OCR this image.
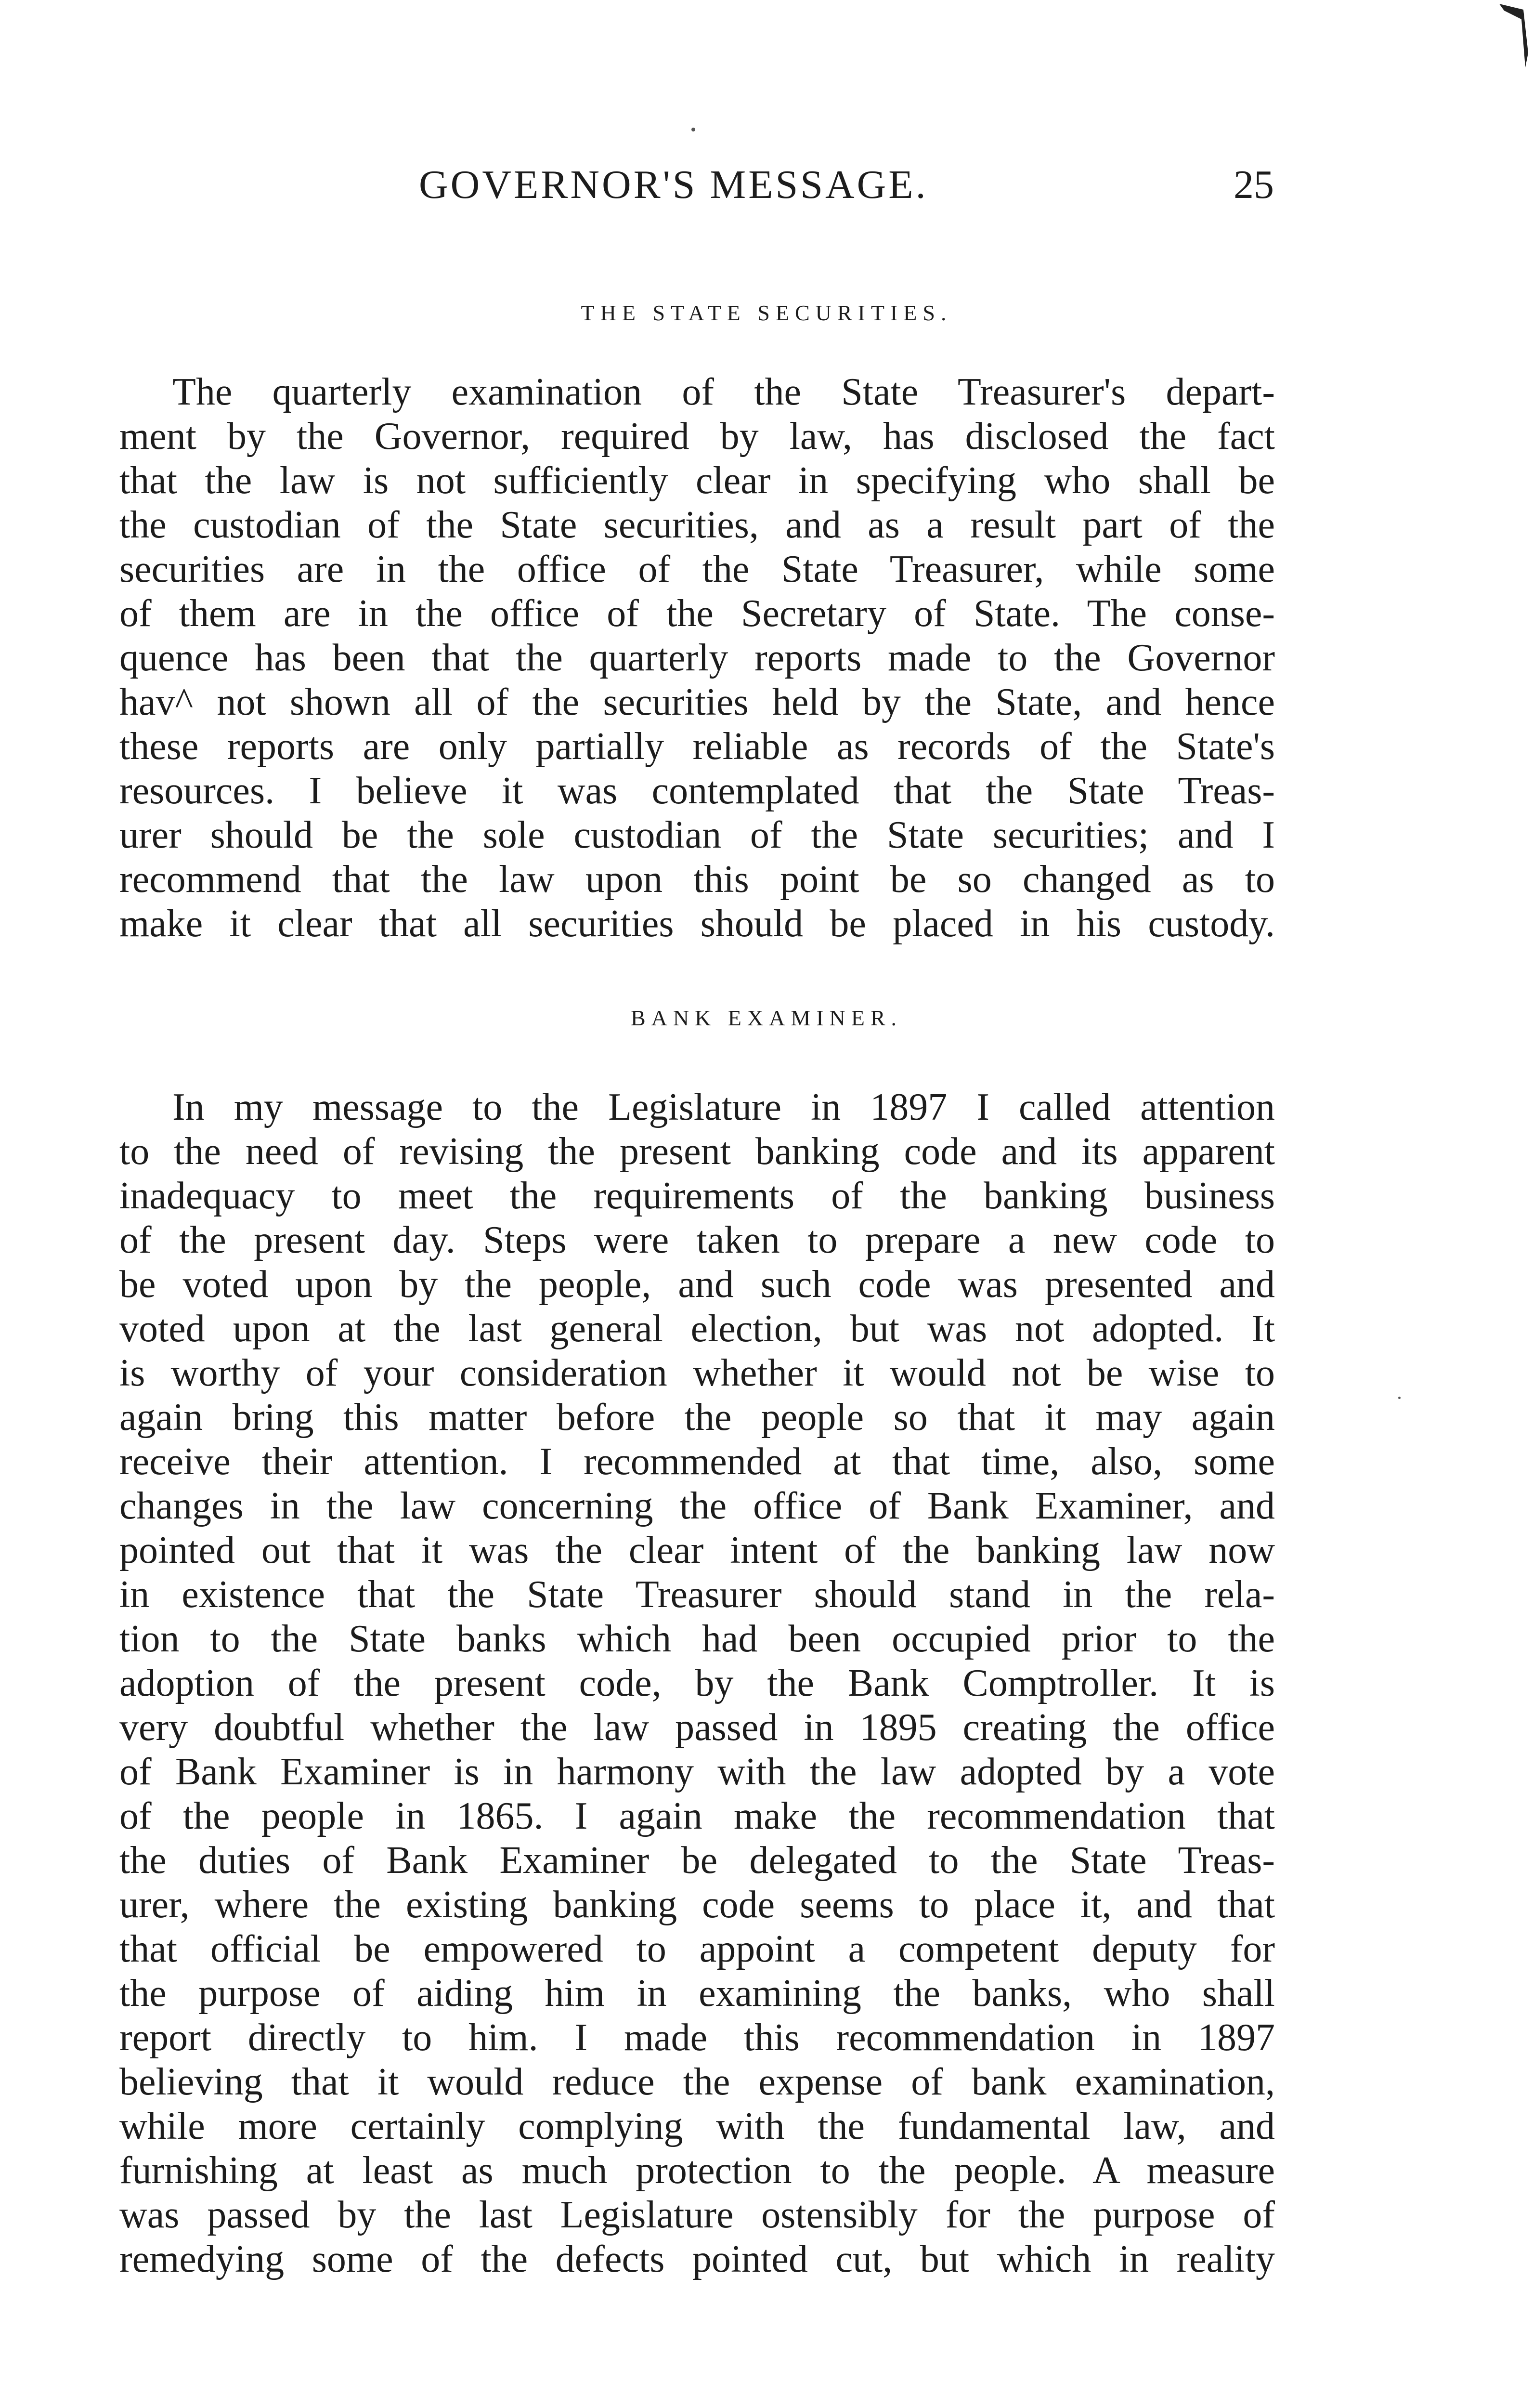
GOVERNOR'S MESSAGE.	25
THE STATE SECURITIES.
The quarterly examination of the State Treasurer's depart-
ment by the Governor, required by law, has disclosed the fact
that the law is not sufficiently clear in specifying who shall be
the custodian of the State securities, and as a result part of the
securities are in the office of the State Treasurer, while some
of them are in the office of the Secretary of State. The conse-
quence has been that the quarterly reports made to the Governor
hav^ not shown all of the securities held by the State, and hence
these reports are only partially reliable as records of the State's
resources. I believe it was contemplated that the State Treas-
urer should be the sole custodian of the State securities; and I
recommend that the law upon this point be so changed as to
make it clear that all securities should be placed in his custody.
BANK EXAMINER.
In my message to the Legislature in 1897 I called attention
to the need of revising the present banking code and its apparent
inadequacy to meet the requirements of the banking business
of the present day. Steps were taken to prepare a new code to
be voted upon by the people, and such code was presented and
voted upon at the last general election, but was not adopted. It
is worthy of your consideration whether it would not be wise to
again bring this matter before the people so that it may again
receive their attention. I recommended at that time, also, some
changes in the law concerning the office of Bank Examiner, and
pointed out that it was the clear intent of the banking law now
in existence that the State Treasurer should stand in the rela-
tion to the State banks which had been occupied prior to the
adoption of the present code, by the Bank Comptroller. It is
very doubtful whether the law passed in 1895 creating the office
of Bank Examiner is in harmony with the law adopted by a vote
of the people in 1865. I again make the recommendation that
the duties of Bank Examiner be delegated to the State Treas-
urer, where the existing banking code seems to place it, and that
that official be empowered to appoint a competent deputy for
the purpose of aiding him in examining the banks, who shall
report directly to him. I made this recommendation in 1897
believing that it would reduce the expense of bank examination,
while more certainly complying with the fundamental law, and
furnishing at least as much protection to the people. A measure
was passed by the last Legislature ostensibly for the purpose of
remedying some of the defects pointed cut, but which in reality
